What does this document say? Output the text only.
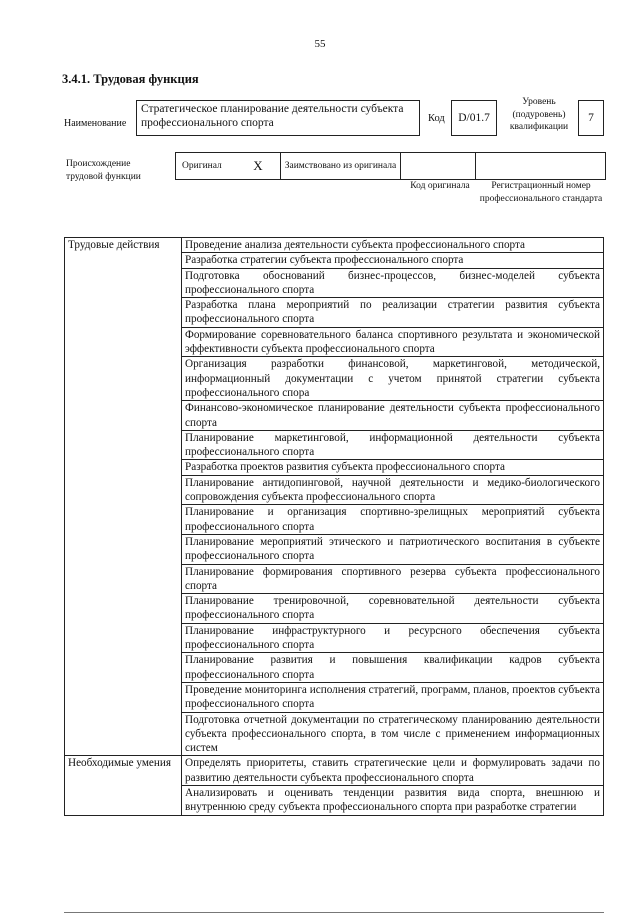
55
3.4.1. Трудовая функция
Наименование
Стратегическое планирование деятельности субъекта профессионального спорта	Код	D/01.7
Уровень (подуровень) квалификации
7
Происхождение трудовой функции
Оригинал	X	Заимствовано из оригинала
Код оригинала	Регистрационный номер профессионального стандарта
Трудовые действия	Проведение анализа деятельности субъекта профессионального спорта
	Разработка стратегии субъекта профессионального спорта
	Подготовка обоснований бизнес-процессов, бизнес-моделей субъекта профессионального спорта
	Разработка плана мероприятий по реализации стратегии развития субъекта профессионального спорта
	Формирование соревновательного баланса спортивного результата и экономической эффективности субъекта профессионального спорта
	Организация разработки финансовой, маркетинговой, методической, информационный документации с учетом принятой стратегии субъекта профессионального спора
	Финансово-экономическое планирование деятельности субъекта профессионального спорта
	Планирование маркетинговой, информационной деятельности субъекта профессионального спорта
	Разработка проектов развития субъекта профессионального спорта
	Планирование антидопинговой, научной деятельности и медико-биологического сопровождения субъекта профессионального спорта
	Планирование и организация спортивно-зрелищных мероприятий субъекта профессионального спорта
	Планирование мероприятий этического и патриотического воспитания в субъекте профессионального спорта
	Планирование формирования спортивного резерва субъекта профессионального спорта
	Планирование тренировочной, соревновательной деятельности субъекта профессионального спорта
	Планирование инфраструктурного и ресурсного обеспечения субъекта профессионального спорта
	Планирование развития и повышения квалификации кадров субъекта профессионального спорта
	Проведение мониторинга исполнения стратегий, программ, планов, проектов субъекта профессионального спорта
	Подготовка отчетной документации по стратегическому планированию деятельности субъекта профессионального спорта, в том числе с применением информационных систем
Необходимые умения	Определять приоритеты, ставить стратегические цели и формулировать задачи по развитию деятельности субъекта профессионального спорта
	Анализировать и оценивать тенденции развития вида спорта, внешнюю и внутреннюю среду субъекта профессионального спорта при разработке стратегии
